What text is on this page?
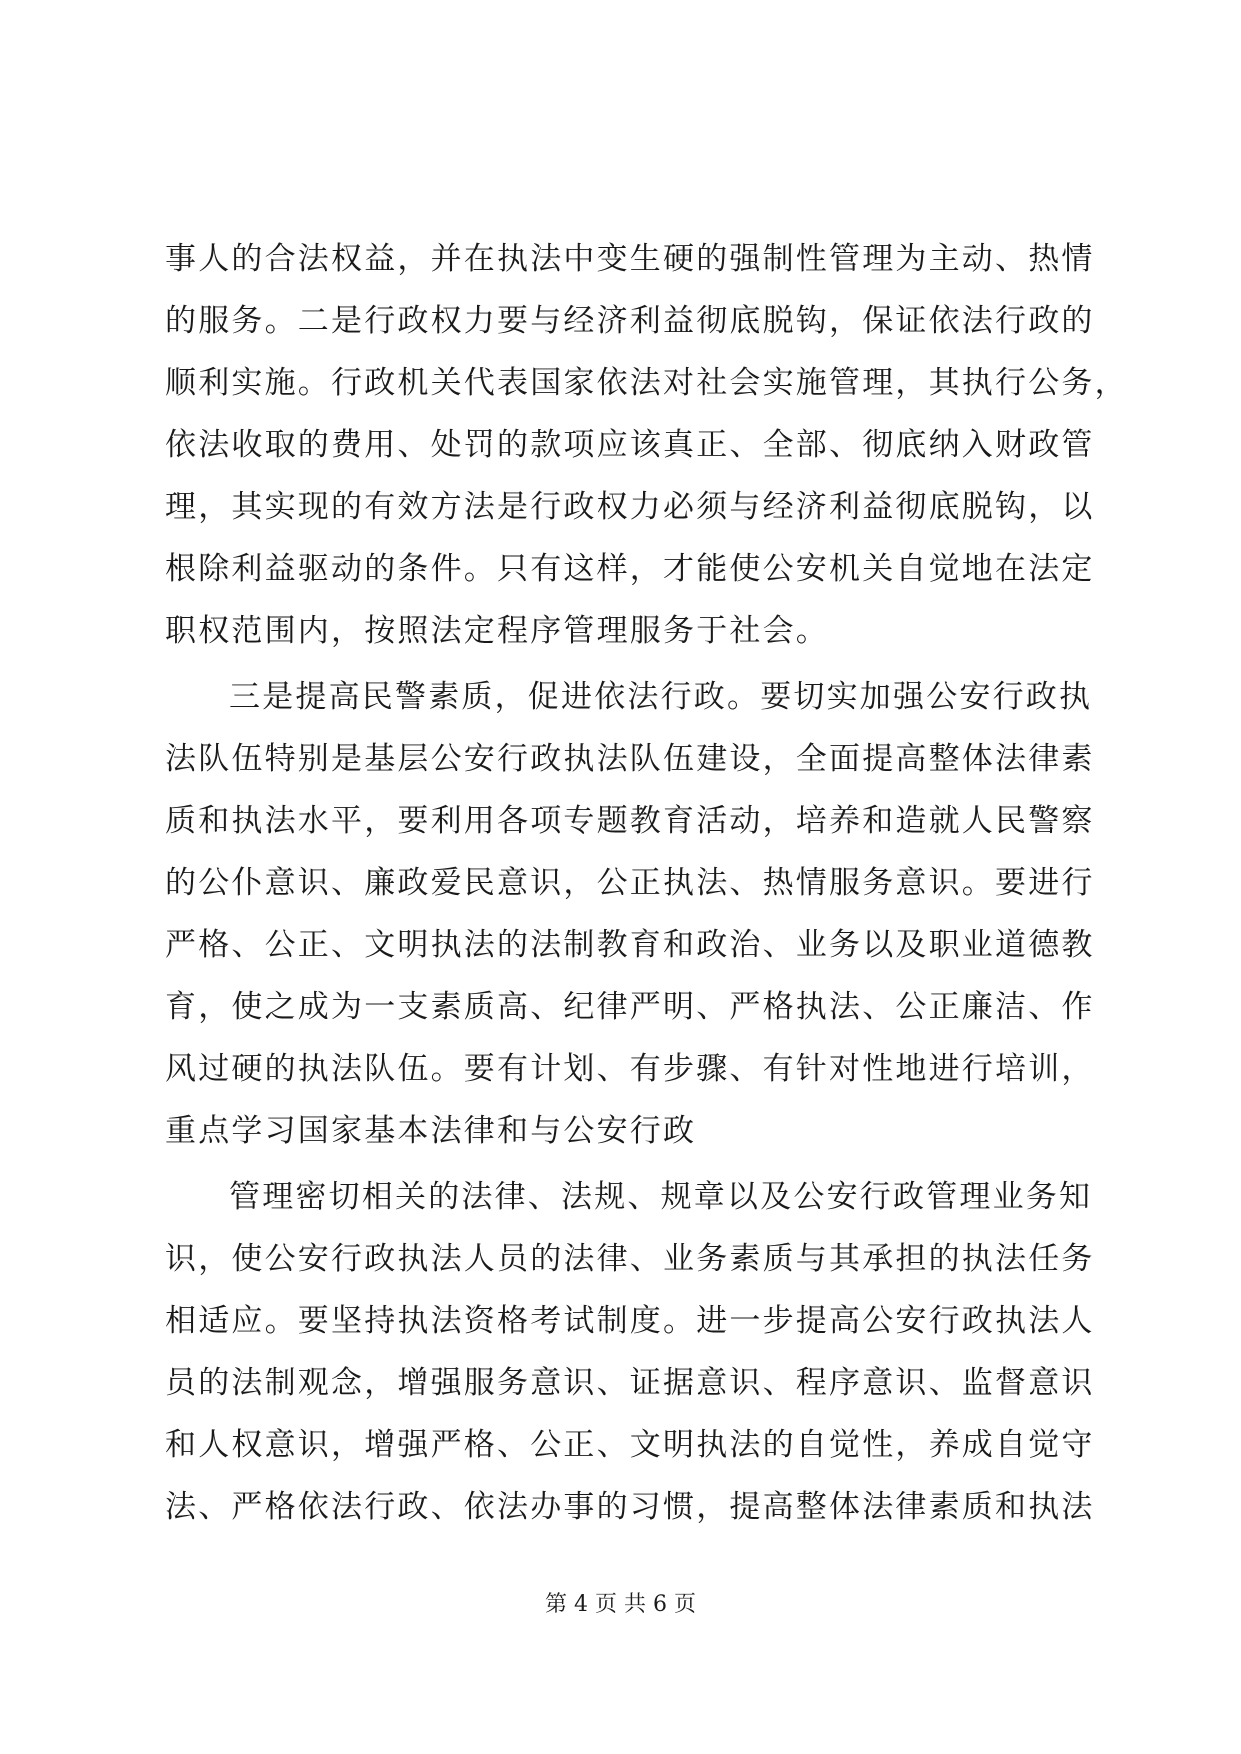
事人的合法权益，并在执法中变生硬的强制性管理为主动、热情
的服务。二是行政权力要与经济利益彻底脱钩，保证依法行政的
顺利实施。行政机关代表国家依法对社会实施管理，其执行公务，
依法收取的费用、处罚的款项应该真正、全部、彻底纳入财政管
理，其实现的有效方法是行政权力必须与经济利益彻底脱钩，以
根除利益驱动的条件。只有这样，才能使公安机关自觉地在法定
职权范围内，按照法定程序管理服务于社会。
三是提高民警素质，促进依法行政。要切实加强公安行政执
法队伍特别是基层公安行政执法队伍建设，全面提高整体法律素
质和执法水平，要利用各项专题教育活动，培养和造就人民警察
的公仆意识、廉政爱民意识，公正执法、热情服务意识。要进行
严格、公正、文明执法的法制教育和政治、业务以及职业道德教
育，使之成为一支素质高、纪律严明、严格执法、公正廉洁、作
风过硬的执法队伍。要有计划、有步骤、有针对性地进行培训，
重点学习国家基本法律和与公安行政
管理密切相关的法律、法规、规章以及公安行政管理业务知
识，使公安行政执法人员的法律、业务素质与其承担的执法任务
相适应。要坚持执法资格考试制度。进一步提高公安行政执法人
员的法制观念，增强服务意识、证据意识、程序意识、监督意识
和人权意识，增强严格、公正、文明执法的自觉性，养成自觉守
法、严格依法行政、依法办事的习惯，提高整体法律素质和执法
第 4 页 共 6 页
